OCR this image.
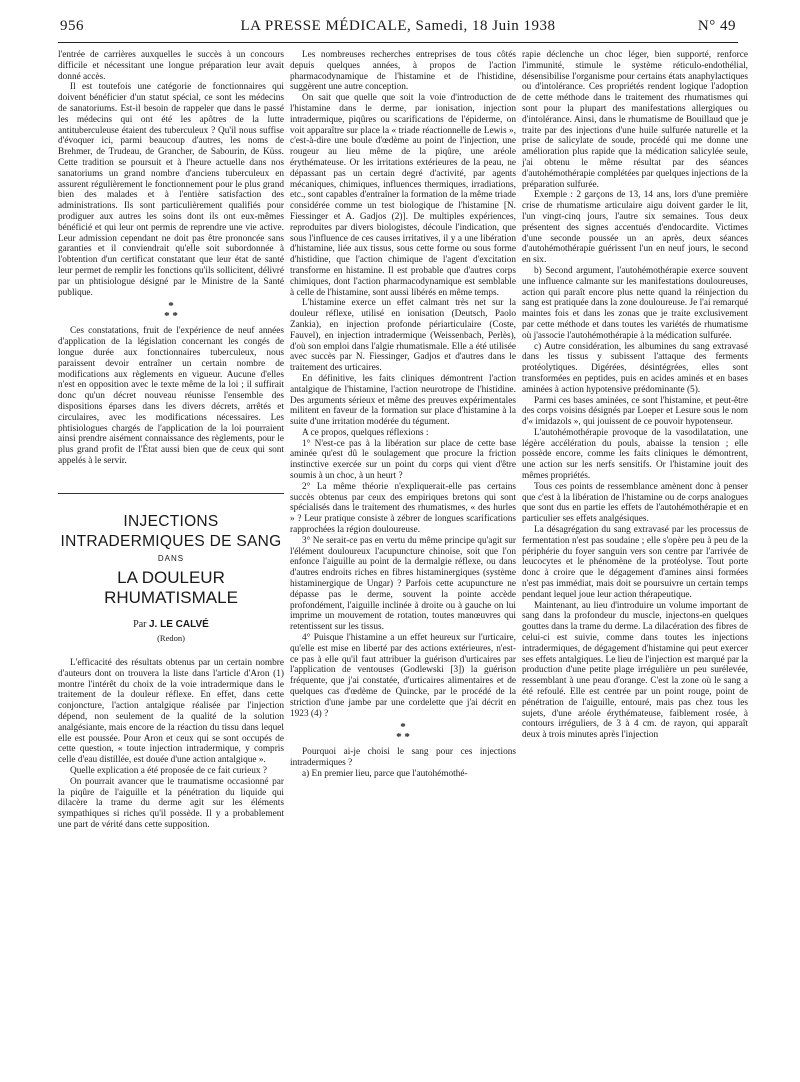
956	LA PRESSE MÉDICALE, Samedi, 18 Juin 1938	N° 49

l'entrée de carrières auxquelles le succès à un concours difficile et nécessitant une longue préparation leur avait donné accès.

Il est toutefois une catégorie de fonctionnaires qui doivent bénéficier d'un statut spécial, ce sont les médecins de sanatoriums. Est-il besoin de rappeler que dans le passé les médecins qui ont été les apôtres de la lutte antituberculeuse étaient des tuberculeux ? Qu'il nous suffise d'évoquer ici, parmi beaucoup d'autres, les noms de Brehmer, de Trudeau, de Grancher, de Sabourin, de Küss. Cette tradition se poursuit et à l'heure actuelle dans nos sanatoriums un grand nombre d'anciens tuberculeux en assurent régulièrement le fonctionnement pour le plus grand bien des malades et à l'entière satisfaction des administrations. Ils sont particulièrement qualifiés pour prodiguer aux autres les soins dont ils ont eux-mêmes bénéficié et qui leur ont permis de reprendre une vie active. Leur admission cependant ne doit pas être prononcée sans garanties et il conviendrait qu'elle soit subordonnée à l'obtention d'un certificat constatant que leur état de santé leur permet de remplir les fonctions qu'ils sollicitent, délivré par un phtisiologue désigné par le Ministre de la Santé publique.

*
* *

Ces constatations, fruit de l'expérience de neuf années d'application de la législation concernant les congés de longue durée aux fonctionnaires tuberculeux, nous paraissent devoir entraîner un certain nombre de modifications aux règlements en vigueur. Aucune d'elles n'est en opposition avec le texte même de la loi ; il suffirait donc qu'un décret nouveau réunisse l'ensemble des dispositions éparses dans les divers décrets, arrêtés et circulaires, avec les modifications nécessaires. Les phtisiologues chargés de l'application de la loi pourraient ainsi prendre aisément connaissance des règlements, pour le plus grand profit de l'État aussi bien que de ceux qui sont appelés à le servir.

INJECTIONS INTRADERMIQUES DE SANG
DANS
LA DOULEUR RHUMATISMALE
Par J. LE CALVÉ
(Redon)

L'efficacité des résultats obtenus par un certain nombre d'auteurs dont on trouvera la liste dans l'article d'Aron (1) montre l'intérêt du choix de la voie intradermique dans le traitement de la douleur réflexe. En effet, dans cette conjoncture, l'action antalgique réalisée par l'injection dépend, non seulement de la qualité de la solution analgésiante, mais encore de la réaction du tissu dans lequel elle est poussée. Pour Aron et ceux qui se sont occupés de cette question, « toute injection intradermique, y compris celle d'eau distillée, est douée d'une action antalgique ».

Quelle explication a été proposée de ce fait curieux ?

On pourrait avancer que le traumatisme occasionné par la piqûre de l'aiguille et la pénétration du liquide qui dilacère la trame du derme agit sur les éléments sympathiques si riches qu'il possède. Il y a probablement une part de vérité dans cette supposition.

Les nombreuses recherches entreprises de tous côtés depuis quelques années, à propos de l'action pharmacodynamique de l'histamine et de l'histidine, suggèrent une autre conception.

On sait que quelle que soit la voie d'introduction de l'histamine dans le derme, par ionisation, injection intradermique, piqûres ou scarifications de l'épiderme, on voit apparaître sur place la « triade réactionnelle de Lewis », c'est-à-dire une boule d'œdème au point de l'injection, une rougeur au lieu même de la piqûre, une aréole érythémateuse. Or les irritations extérieures de la peau, ne dépassant pas un certain degré d'activité, par agents mécaniques, chimiques, influences thermiques, irradiations, etc., sont capables d'entraîner la formation de la même triade considérée comme un test biologique de l'histamine [N. Fiessinger et A. Gadjos (2)]. De multiples expériences, reproduites par divers biologistes, découle l'indication, que sous l'influence de ces causes irritatives, il y a une libération d'histamine, liée aux tissus, sous cette forme ou sous forme d'histidine, que l'action chimique de l'agent d'excitation transforme en histamine. Il est probable que d'autres corps chimiques, dont l'action pharmacodynamique est semblable à celle de l'histamine, sont aussi libérés en même temps.

L'histamine exerce un effet calmant très net sur la douleur réflexe, utilisé en ionisation (Deutsch, Paolo Zankia), en injection profonde périarticulaire (Coste, Fauvel), en injection intradermique (Weissenbach, Perlès), d'où son emploi dans l'algie rhumatismale. Elle a été utilisée avec succès par N. Fiessinger, Gadjos et d'autres dans le traitement des urticaires.

En définitive, les faits cliniques démontrent l'action antalgique de l'histamine, l'action neurotrope de l'histidine. Des arguments sérieux et même des preuves expérimentales militent en faveur de la formation sur place d'histamine à la suite d'une irritation modérée du tégument.

A ce propos, quelques réflexions :

1° N'est-ce pas à la libération sur place de cette base aminée qu'est dû le soulagement que procure la friction instinctive exercée sur un point du corps qui vient d'être soumis à un choc, à un heurt ?

2° La même théorie n'expliquerait-elle pas certains succès obtenus par ceux des empiriques bretons qui sont spécialisés dans le traitement des rhumatismes, « des hurles » ? Leur pratique consiste à zébrer de longues scarifications rapprochées la région douloureuse.

3° Ne serait-ce pas en vertu du même principe qu'agit sur l'élément douloureux l'acupuncture chinoise, soit que l'on enfonce l'aiguille au point de la dermalgie réflexe, ou dans d'autres endroits riches en fibres histaminergiques (système histaminergique de Ungar) ? Parfois cette acupuncture ne dépasse pas le derme, souvent la pointe accède profondément, l'aiguille inclinée à droite ou à gauche on lui imprime un mouvement de rotation, toutes manœuvres qui retentissent sur les tissus.

4° Puisque l'histamine a un effet heureux sur l'urticaire, qu'elle est mise en liberté par des actions extérieures, n'est-ce pas à elle qu'il faut attribuer la guérison d'urticaires par l'application de ventouses (Godlewski [3]) la guérison fréquente, que j'ai constatée, d'urticaires alimentaires et de quelques cas d'œdème de Quincke, par le procédé de la striction d'une jambe par une cordelette que j'ai décrit en 1923 (4) ?

*
* *

Pourquoi ai-je choisi le sang pour ces injections intradermiques ?

a) En premier lieu, parce que l'autohémothé-

rapie déclenche un choc léger, bien supporté, renforce l'immunité, stimule le système réticulo-endothélial, désensibilise l'organisme pour certains états anaphylactiques ou d'intolérance. Ces propriétés rendent logique l'adoption de cette méthode dans le traitement des rhumatismes qui sont pour la plupart des manifestations allergiques ou d'intolérance. Ainsi, dans le rhumatisme de Bouillaud que je traite par des injections d'une huile sulfurée naturelle et la prise de salicylate de soude, procédé qui me donne une amélioration plus rapide que la médication salicylée seule, j'ai obtenu le même résultat par des séances d'autohémothérapie complétées par quelques injections de la préparation sulfurée.

Exemple : 2 garçons de 13, 14 ans, lors d'une première crise de rhumatisme articulaire aigu doivent garder le lit, l'un vingt-cinq jours, l'autre six semaines. Tous deux présentent des signes accentués d'endocardite. Victimes d'une seconde poussée un an après, deux séances d'autohémothérapie guérissent l'un en neuf jours, le second en six.

b) Second argument, l'autohémothérapie exerce souvent une influence calmante sur les manifestations douloureuses, action qui paraît encore plus nette quand la réinjection du sang est pratiquée dans la zone douloureuse. Je l'ai remarqué maintes fois et dans les zonas que je traite exclusivement par cette méthode et dans toutes les variétés de rhumatisme où j'associe l'autohémothérapie à la médication sulfurée.

c) Autre considération, les albumines du sang extravasé dans les tissus y subissent l'attaque des ferments protéolytiques. Digérées, désintégrées, elles sont transformées en peptides, puis en acides aminés et en bases aminées à action hypotensive prédominante (5).

Parmi ces bases aminées, ce sont l'histamine, et peut-être des corps voisins désignés par Loeper et Lesure sous le nom d'« imidazols », qui jouissent de ce pouvoir hypotenseur.

L'autohémothérapie provoque de la vasodilatation, une légère accélération du pouls, abaisse la tension ; elle possède encore, comme les faits cliniques le démontrent, une action sur les nerfs sensitifs. Or l'histamine jouit des mêmes propriétés.

Tous ces points de ressemblance amènent donc à penser que c'est à la libération de l'histamine ou de corps analogues que sont dus en partie les effets de l'autohémothérapie et en particulier ses effets analgésiques.

La désagrégation du sang extravasé par les processus de fermentation n'est pas soudaine ; elle s'opère peu à peu de la périphérie du foyer sanguin vers son centre par l'arrivée de leucocytes et le phénomène de la protéolyse. Tout porte donc à croire que le dégagement d'amines ainsi formées n'est pas immédiat, mais doit se poursuivre un certain temps pendant lequel joue leur action thérapeutique.

Maintenant, au lieu d'introduire un volume important de sang dans la profondeur du muscle, injectons-en quelques gouttes dans la trame du derme. La dilacération des fibres de celui-ci est suivie, comme dans toutes les injections intradermiques, de dégagement d'histamine qui peut exercer ses effets antalgiques. Le lieu de l'injection est marqué par la production d'une petite plage irrégulière un peu surélevée, ressemblant à une peau d'orange. C'est la zone où le sang a été refoulé. Elle est centrée par un point rouge, point de pénétration de l'aiguille, entouré, mais pas chez tous les sujets, d'une aréole érythémateuse, faiblement rosée, à contours irréguliers, de 3 à 4 cm. de rayon, qui apparaît deux à trois minutes après l'injection
